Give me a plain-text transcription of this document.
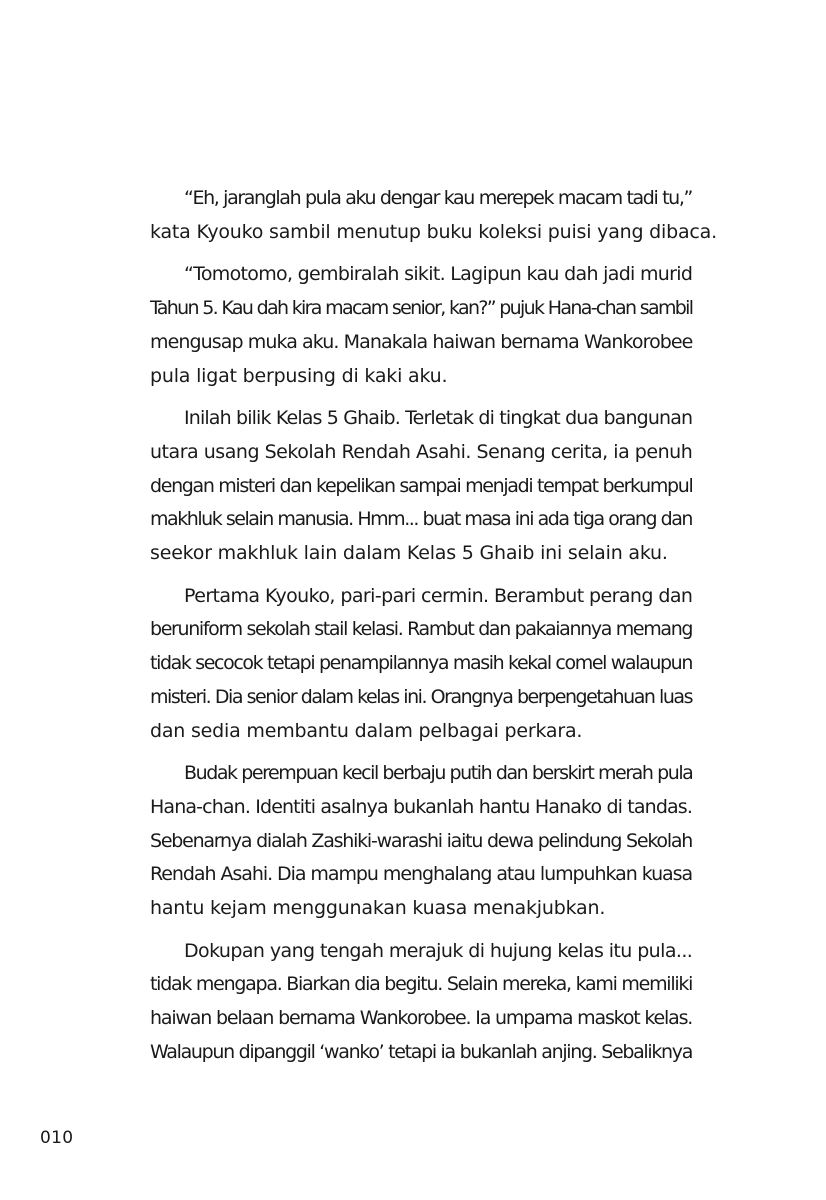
“Eh, jaranglah pula aku dengar kau merepek macam tadi tu,”
kata Kyouko sambil menutup buku koleksi puisi yang dibaca.
“Tomotomo, gembiralah sikit. Lagipun kau dah jadi murid
Tahun 5. Kau dah kira macam senior, kan?” pujuk Hana-chan sambil
mengusap muka aku. Manakala haiwan bernama Wankorobee
pula ligat berpusing di kaki aku.
Inilah bilik Kelas 5 Ghaib. Terletak di tingkat dua bangunan
utara usang Sekolah Rendah Asahi. Senang cerita, ia penuh
dengan misteri dan kepelikan sampai menjadi tempat berkumpul
makhluk selain manusia. Hmm... buat masa ini ada tiga orang dan
seekor makhluk lain dalam Kelas 5 Ghaib ini selain aku.
Pertama Kyouko, pari-pari cermin. Berambut perang dan
beruniform sekolah stail kelasi. Rambut dan pakaiannya memang
tidak secocok tetapi penampilannya masih kekal comel walaupun
misteri. Dia senior dalam kelas ini. Orangnya berpengetahuan luas
dan sedia membantu dalam pelbagai perkara.
Budak perempuan kecil berbaju putih dan berskirt merah pula
Hana-chan. Identiti asalnya bukanlah hantu Hanako di tandas.
Sebenarnya dialah Zashiki-warashi iaitu dewa pelindung Sekolah
Rendah Asahi. Dia mampu menghalang atau lumpuhkan kuasa
hantu kejam menggunakan kuasa menakjubkan.
Dokupan yang tengah merajuk di hujung kelas itu pula...
tidak mengapa. Biarkan dia begitu. Selain mereka, kami memiliki
haiwan belaan bernama Wankorobee. Ia umpama maskot kelas.
Walaupun dipanggil ‘wanko’ tetapi ia bukanlah anjing. Sebaliknya
010
